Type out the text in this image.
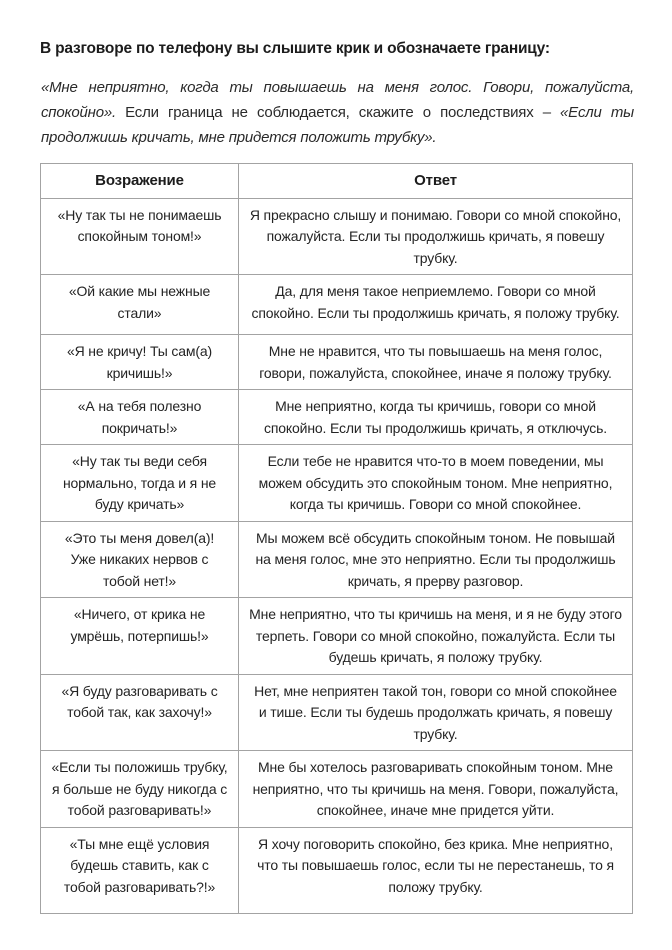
В разговоре по телефону вы слышите крик и обозначаете границу:

«Мне неприятно, когда ты повышаешь на меня голос. Говори, пожалуйста, спокойно». Если граница не соблюдается, скажите о последствиях – «Если ты продолжишь кричать, мне придется положить трубку».

Возражение	Ответ
«Ну так ты не понимаешь спокойным тоном!»	Я прекрасно слышу и понимаю. Говори со мной спокойно, пожалуйста. Если ты продолжишь кричать, я повешу трубку.
«Ой какие мы нежные стали»	Да, для меня такое неприемлемо. Говори со мной спокойно. Если ты продолжишь кричать, я положу трубку.
«Я не кричу! Ты сам(а) кричишь!»	Мне не нравится, что ты повышаешь на меня голос, говори, пожалуйста, спокойнее, иначе я положу трубку.
«А на тебя полезно покричать!»	Мне неприятно, когда ты кричишь, говори со мной спокойно. Если ты продолжишь кричать, я отключусь.
«Ну так ты веди себя нормально, тогда и я не буду кричать»	Если тебе не нравится что-то в моем поведении, мы можем обсудить это спокойным тоном. Мне неприятно, когда ты кричишь. Говори со мной спокойнее.
«Это ты меня довел(а)! Уже никаких нервов с тобой нет!»	Мы можем всё обсудить спокойным тоном. Не повышай на меня голос, мне это неприятно. Если ты продолжишь кричать, я прерву разговор.
«Ничего, от крика не умрёшь, потерпишь!»	Мне неприятно, что ты кричишь на меня, и я не буду этого терпеть. Говори со мной спокойно, пожалуйста. Если ты будешь кричать, я положу трубку.
«Я буду разговаривать с тобой так, как захочу!»	Нет, мне неприятен такой тон, говори со мной спокойнее и тише. Если ты будешь продолжать кричать, я повешу трубку.
«Если ты положишь трубку, я больше не буду никогда с тобой разговаривать!»	Мне бы хотелось разговаривать спокойным тоном. Мне неприятно, что ты кричишь на меня. Говори, пожалуйста, спокойнее, иначе мне придется уйти.
«Ты мне ещё условия будешь ставить, как с тобой разговаривать?!»	Я хочу поговорить спокойно, без крика. Мне неприятно, что ты повышаешь голос, если ты не перестанешь, то я положу трубку.
